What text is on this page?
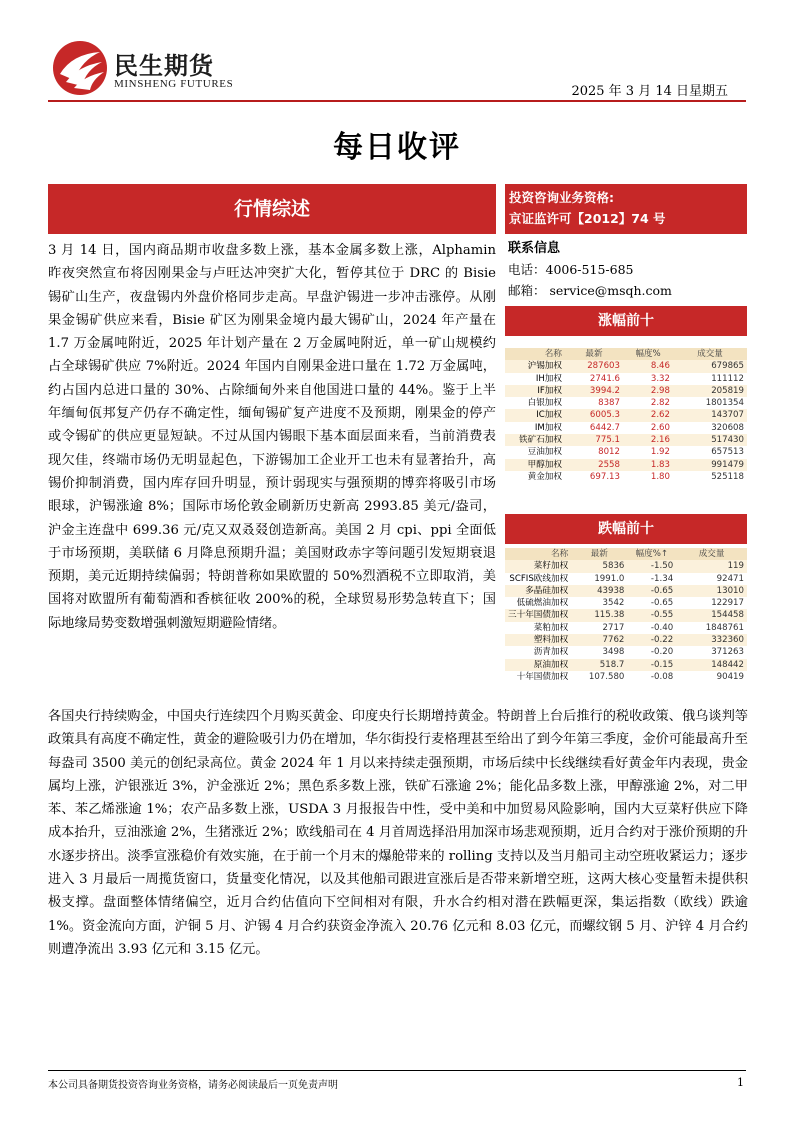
民生期货
MINSHENG FUTURES	2025 年 3 月 14 日星期五
每日收评
行情综述

3 月 14 日，国内商品期市收盘多数上涨，基本金属多数上涨，Alphamin 昨夜突然宣布将因刚果金与卢旺达冲突扩大化，暂停其位于 DRC 的 Bisie 锡矿山生产，夜盘锡内外盘价格同步走高。早盘沪锡进一步冲击涨停。从刚果金锡矿供应来看，Bisie 矿区为刚果金境内最大锡矿山，2024 年产量在 1.7 万金属吨附近，2025 年计划产量在 2 万金属吨附近，单一矿山规模约占全球锡矿供应 7%附近。2024 年国内自刚果金进口量在 1.72 万金属吨，约占国内总进口量的 30%、占除缅甸外来自他国进口量的 44%。鉴于上半年缅甸佤邦复产仍存不确定性，缅甸锡矿复产进度不及预期，刚果金的停产或令锡矿的供应更显短缺。不过从国内锡眼下基本面层面来看，当前消费表现欠佳，终端市场仍无明显起色，下游锡加工企业开工也未有显著抬升，高锡价抑制消费，国内库存回升明显，预计弱现实与强预期的博弈将吸引市场眼球，沪锡涨逾 8%；国际市场伦敦金刷新历史新高 2993.85 美元/盎司，沪金主连盘中 699.36 元/克又双叒叕创造新高。美国 2 月 cpi、ppi 全面低于市场预期，美联储 6 月降息预期升温；美国财政赤字等问题引发短期衰退预期，美元近期持续偏弱；特朗普称如果欧盟的 50%烈酒税不立即取消，美国将对欧盟所有葡萄酒和香槟征收 200%的税，全球贸易形势急转直下；国际地缘局势变数增强刺激短期避险情绪。

各国央行持续购金，中国央行连续四个月购买黄金、印度央行长期增持黄金。特朗普上台后推行的税收政策、俄乌谈判等政策具有高度不确定性，黄金的避险吸引力仍在增加，华尔街投行麦格理甚至给出了到今年第三季度，金价可能最高升至每盎司 3500 美元的创纪录高位。黄金 2024 年 1 月以来持续走强预期，市场后续中长线继续看好黄金年内表现，贵金属均上涨，沪银涨近 3%，沪金涨近 2%；黑色系多数上涨，铁矿石涨逾 2%；能化品多数上涨，甲醇涨逾 2%，对二甲苯、苯乙烯涨逾 1%；农产品多数上涨，USDA 3 月报报告中性，受中美和中加贸易风险影响，国内大豆菜籽供应下降成本抬升，豆油涨逾 2%，生猪涨近 2%；欧线船司在 4 月首周选择沿用加深市场悲观预期，近月合约对于涨价预期的升水逐步挤出。淡季宣涨稳价有效实施，在于前一个月末的爆舱带来的 rolling 支持以及当月船司主动空班收紧运力；逐步进入 3 月最后一周揽货窗口，货量变化情况，以及其他船司跟进宣涨后是否带来新增空班，这两大核心变量暂未提供积极支撑。盘面整体情绪偏空，近月合约估值向下空间相对有限，升水合约相对潜在跌幅更深，集运指数（欧线）跌逾 1%。资金流向方面，沪铜 5 月、沪锡 4 月合约获资金净流入 20.76 亿元和 8.03 亿元，而螺纹钢 5 月、沪锌 4 月合约则遭净流出 3.93 亿元和 3.15 亿元。

投资咨询业务资格:
京证监许可【2012】74 号
联系信息
电话：4006-515-685
邮箱： service@msqh.com
涨幅前十
名称	最新	幅度%	成交量
沪锡加权	287603	8.46	679865
IH加权	2741.6	3.32	111112
IF加权	3994.2	2.98	205819
白银加权	8387	2.82	1801354
IC加权	6005.3	2.62	143707
IM加权	6442.7	2.60	320608
铁矿石加权	775.1	2.16	517430
豆油加权	8012	1.92	657513
甲醇加权	2558	1.83	991479
黄金加权	697.13	1.80	525118
跌幅前十
名称	最新	幅度%↑	成交量
菜籽加权	5836	-1.50	119
SCFIS欧线加权	1991.0	-1.34	92471
多晶硅加权	43938	-0.65	13010
低硫燃油加权	3542	-0.65	122917
三十年国债加权	115.38	-0.55	154458
菜粕加权	2717	-0.40	1848761
塑料加权	7762	-0.22	332360
沥青加权	3498	-0.20	371263
原油加权	518.7	-0.15	148442
十年国债加权	107.580	-0.08	90419
本公司具备期货投资咨询业务资格，请务必阅读最后一页免责声明	1
